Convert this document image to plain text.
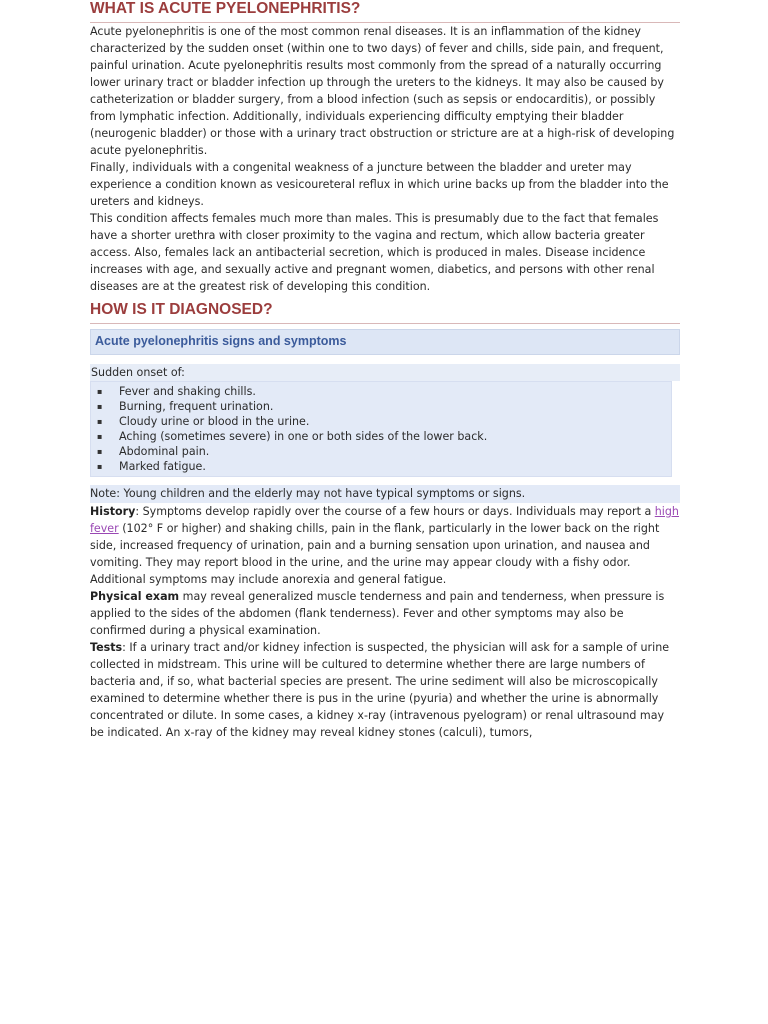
WHAT IS ACUTE PYELONEPHRITIS?

Acute pyelonephritis is one of the most common renal diseases. It is an inflammation of the kidney characterized by the sudden onset (within one to two days) of fever and chills, side pain, and frequent, painful urination. Acute pyelonephritis results most commonly from the spread of a naturally occurring lower urinary tract or bladder infection up through the ureters to the kidneys. It may also be caused by catheterization or bladder surgery, from a blood infection (such as sepsis or endocarditis), or possibly from lymphatic infection. Additionally, individuals experiencing difficulty emptying their bladder (neurogenic bladder) or those with a urinary tract obstruction or stricture are at a high-risk of developing acute pyelonephritis.

Finally, individuals with a congenital weakness of a juncture between the bladder and ureter may experience a condition known as vesicoureteral reflux in which urine backs up from the bladder into the ureters and kidneys.

This condition affects females much more than males. This is presumably due to the fact that females have a shorter urethra with closer proximity to the vagina and rectum, which allow bacteria greater access. Also, females lack an antibacterial secretion, which is produced in males. Disease incidence increases with age, and sexually active and pregnant women, diabetics, and persons with other renal diseases are at the greatest risk of developing this condition.

HOW IS IT DIAGNOSED?
Acute pyelonephritis signs and symptoms
Sudden onset of:
▪ Fever and shaking chills.
▪ Burning, frequent urination.
▪ Cloudy urine or blood in the urine.
▪ Aching (sometimes severe) in one or both sides of the lower back.
▪ Abdominal pain.
▪ Marked fatigue.
Note: Young children and the elderly may not have typical symptoms or signs.

History: Symptoms develop rapidly over the course of a few hours or days. Individuals may report a high fever (102° F or higher) and shaking chills, pain in the flank, particularly in the lower back on the right side, increased frequency of urination, pain and a burning sensation upon urination, and nausea and vomiting. They may report blood in the urine, and the urine may appear cloudy with a fishy odor. Additional symptoms may include anorexia and general fatigue.

Physical exam may reveal generalized muscle tenderness and pain and tenderness, when pressure is applied to the sides of the abdomen (flank tenderness). Fever and other symptoms may also be confirmed during a physical examination.

Tests: If a urinary tract and/or kidney infection is suspected, the physician will ask for a sample of urine collected in midstream. This urine will be cultured to determine whether there are large numbers of bacteria and, if so, what bacterial species are present. The urine sediment will also be microscopically examined to determine whether there is pus in the urine (pyuria) and whether the urine is abnormally concentrated or dilute. In some cases, a kidney x-ray (intravenous pyelogram) or renal ultrasound may be indicated. An x-ray of the kidney may reveal kidney stones (calculi), tumors,
